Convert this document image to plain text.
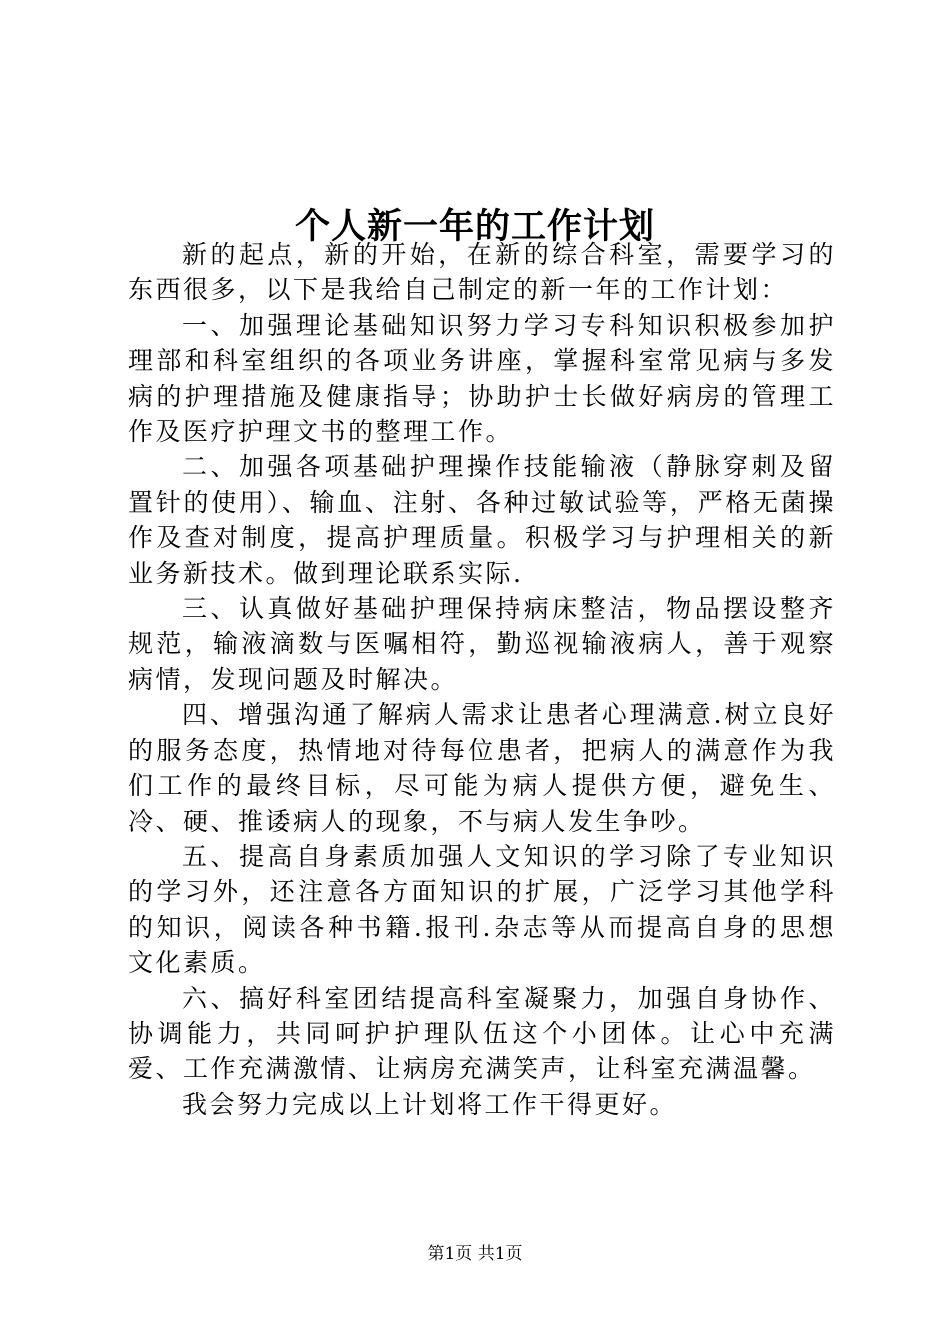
个人新一年的工作计划

新的起点，新的开始，在新的综合科室，需要学习的东西很多，以下是我给自己制定的新一年的工作计划：

一、加强理论基础知识努力学习专科知识积极参加护理部和科室组织的各项业务讲座，掌握科室常见病与多发病的护理措施及健康指导；协助护士长做好病房的管理工作及医疗护理文书的整理工作。

二、加强各项基础护理操作技能输液（静脉穿刺及留置针的使用）、输血、注射、各种过敏试验等，严格无菌操作及查对制度，提高护理质量。积极学习与护理相关的新业务新技术。做到理论联系实际.

三、认真做好基础护理保持病床整洁，物品摆设整齐规范，输液滴数与医嘱相符，勤巡视输液病人，善于观察病情，发现问题及时解决。

四、增强沟通了解病人需求让患者心理满意.树立良好的服务态度，热情地对待每位患者，把病人的满意作为我们工作的最终目标，尽可能为病人提供方便，避免生、冷、硬、推诿病人的现象，不与病人发生争吵。

五、提高自身素质加强人文知识的学习除了专业知识的学习外，还注意各方面知识的扩展，广泛学习其他学科的知识，阅读各种书籍.报刊.杂志等从而提高自身的思想文化素质。

六、搞好科室团结提高科室凝聚力，加强自身协作、协调能力，共同呵护护理队伍这个小团体。让心中充满爱、工作充满激情、让病房充满笑声，让科室充满温馨。

我会努力完成以上计划将工作干得更好。

第1页 共1页
